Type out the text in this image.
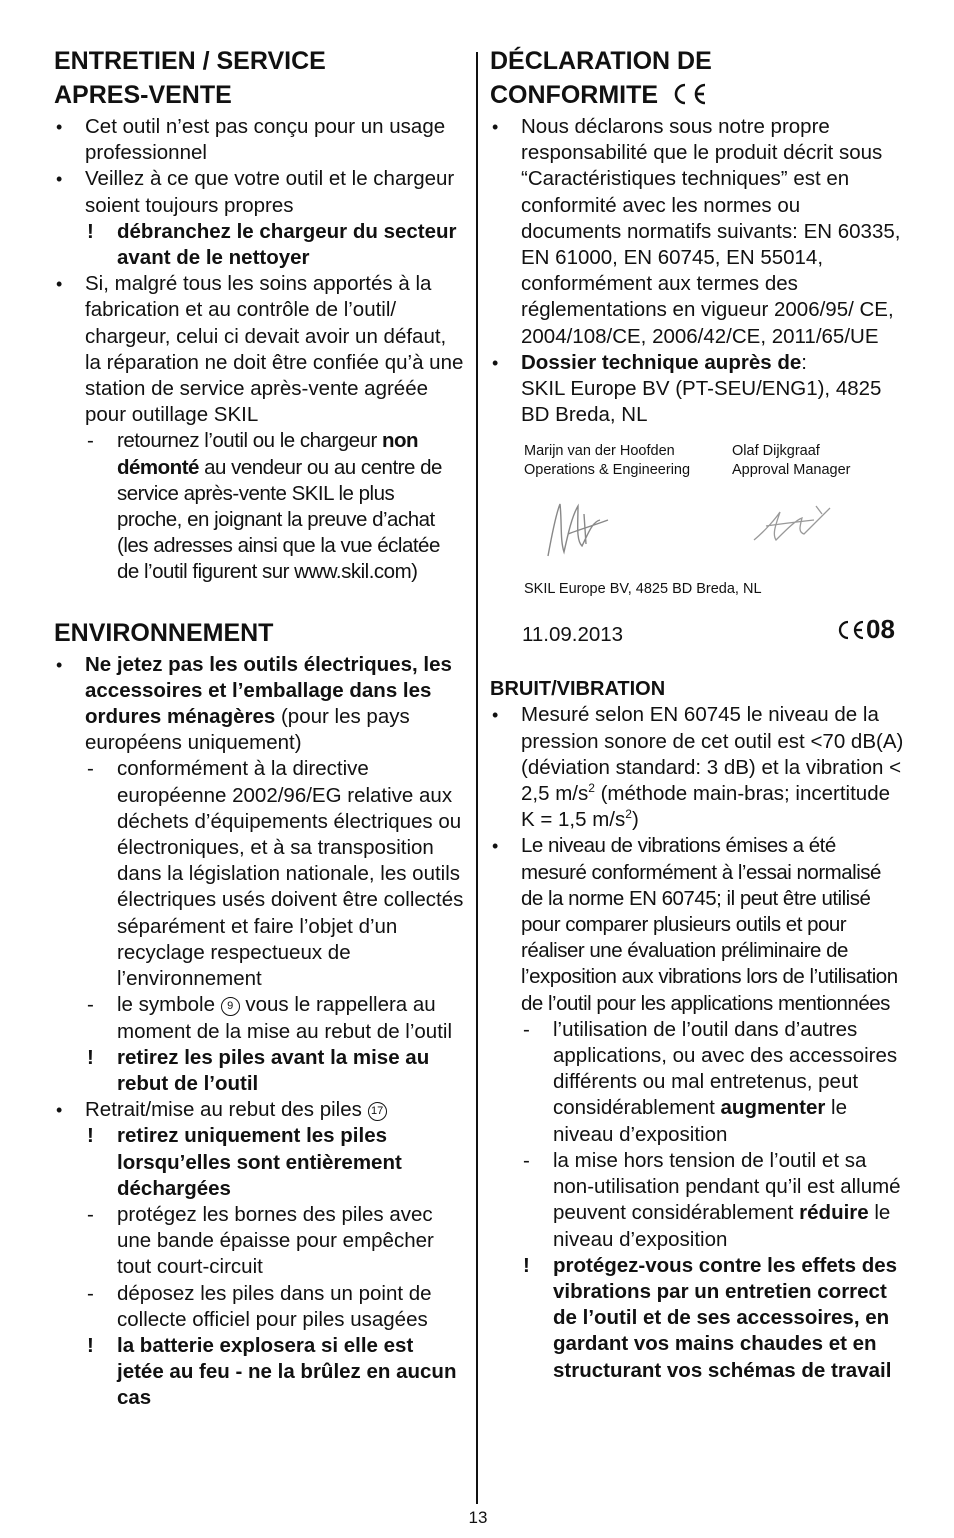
ENTRETIEN / SERVICE
APRES-VENTE
• Cet outil n’est pas conçu pour un usage professionnel
• Veillez à ce que votre outil et le chargeur soient toujours propres
! débranchez le chargeur du secteur avant de le nettoyer
• Si, malgré tous les soins apportés à la fabrication et au contrôle de l’outil/ chargeur, celui ci devait avoir un défaut, la réparation ne doit être confiée qu’à une station de service après-vente agréée pour outillage SKIL
- retournez l’outil ou le chargeur non démonté au vendeur ou au centre de service après-vente SKIL le plus proche, en joignant la preuve d’achat (les adresses ainsi que la vue éclatée de l’outil figurent sur www.skil.com)
ENVIRONNEMENT
• Ne jetez pas les outils électriques, les accessoires et l’emballage dans les ordures ménagères (pour les pays européens uniquement)
- conformément à la directive européenne 2002/96/EG relative aux déchets d’équipements électriques ou électroniques, et à sa transposition dans la législation nationale, les outils électriques usés doivent être collectés séparément et faire l’objet d’un recyclage respectueux de l’environnement
- le symbole 9 vous le rappellera au moment de la mise au rebut de l’outil
! retirez les piles avant la mise au rebut de l’outil
• Retrait/mise au rebut des piles 17
! retirez uniquement les piles lorsqu’elles sont entièrement déchargées
- protégez les bornes des piles avec une bande épaisse pour empêcher tout court-circuit
- déposez les piles dans un point de collecte officiel pour piles usagées
! la batterie explosera si elle est jetée au feu - ne la brûlez en aucun cas
DÉCLARATION DE
CONFORMITE
• Nous déclarons sous notre propre responsabilité que le produit décrit sous “Caractéristiques techniques” est en conformité avec les normes ou documents normatifs suivants: EN 60335, EN 61000, EN 60745, EN 55014, conformément aux termes des réglementations en vigueur 2006/95/ CE, 2004/108/CE, 2006/42/CE, 2011/65/UE
• Dossier technique auprès de:
SKIL Europe BV (PT-SEU/ENG1), 4825 BD Breda, NL
Marijn van der Hoofden
Operations & Engineering
Olaf Dijkgraaf
Approval Manager
SKIL Europe BV, 4825 BD Breda, NL
11.09.2013	08
BRUIT/VIBRATION
• Mesuré selon EN 60745 le niveau de la pression sonore de cet outil est <70 dB(A) (déviation standard: 3 dB) et la vibration < 2,5 $m/s^2$ (méthode main-bras; incertitude K = 1,5 $m/s^2$)
• Le niveau de vibrations émises a été mesuré conformément à l’essai normalisé de la norme EN 60745; il peut être utilisé pour comparer plusieurs outils et pour réaliser une évaluation préliminaire de l’exposition aux vibrations lors de l’utilisation de l’outil pour les applications mentionnées
- l’utilisation de l’outil dans d’autres applications, ou avec des accessoires différents ou mal entretenus, peut considérablement augmenter le niveau d’exposition
- la mise hors tension de l’outil et sa non-utilisation pendant qu’il est allumé peuvent considérablement réduire le niveau d’exposition
! protégez-vous contre les effets des vibrations par un entretien correct de l’outil et de ses accessoires, en gardant vos mains chaudes et en structurant vos schémas de travail
13
